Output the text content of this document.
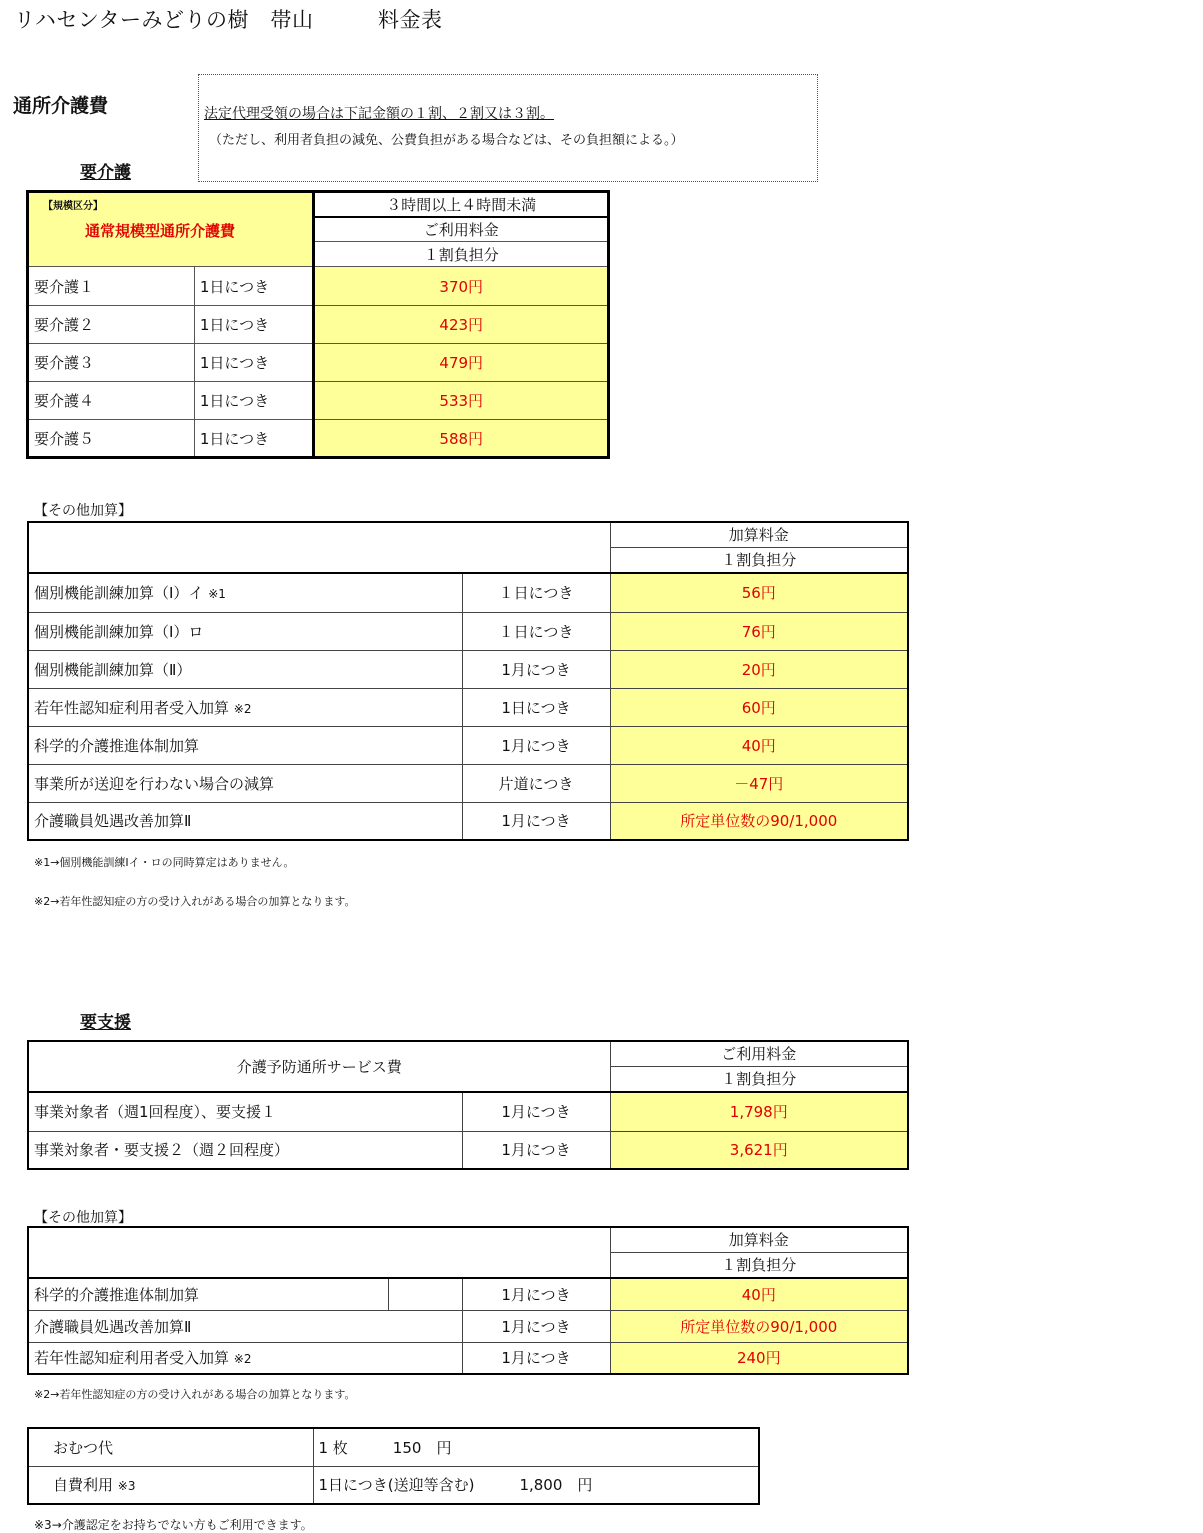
リハセンターみどりの樹　帯山　　　料金表
通所介護費	法定代理受領の場合は下記金額の１割、２割又は３割。
（ただし、利用者負担の減免、公費負担がある場合などは、その負担額による。）
要介護
【規模区分】
通常規模型通所介護費		３時間以上４時間未満
		ご利用料金
		１割負担分
要介護１	1日につき	370円
要介護２	1日につき	423円
要介護３	1日につき	479円
要介護４	1日につき	533円
要介護５	1日につき	588円
【その他加算】
		加算料金
		１割負担分
個別機能訓練加算（Ⅰ）イ ※1	１日につき	56円
個別機能訓練加算（Ⅰ）ロ	１日につき	76円
個別機能訓練加算（Ⅱ）	1月につき	20円
若年性認知症利用者受入加算 ※2	1日につき	60円
科学的介護推進体制加算	1月につき	40円
事業所が送迎を行わない場合の減算	片道につき	－47円
介護職員処遇改善加算Ⅱ	1月につき	所定単位数の90/1,000
※1→個別機能訓練Ⅰイ・ロの同時算定はありません。
※2→若年性認知症の方の受け入れがある場合の加算となります。
要支援
介護予防通所サービス費		ご利用料金
		１割負担分
事業対象者（週1回程度）、要支援１	1月につき	1,798円
事業対象者・要支援２（週２回程度）	1月につき	3,621円
【その他加算】
			加算料金
			１割負担分
科学的介護推進体制加算		1月につき	40円
介護職員処遇改善加算Ⅱ		1月につき	所定単位数の90/1,000
若年性認知症利用者受入加算 ※2		1月につき	240円
※2→若年性認知症の方の受け入れがある場合の加算となります。
おむつ代	1 枚　　　150　円
自費利用 ※3	1日につき(送迎等含む)　　　1,800　円
※3→介護認定をお持ちでない方もご利用できます。
